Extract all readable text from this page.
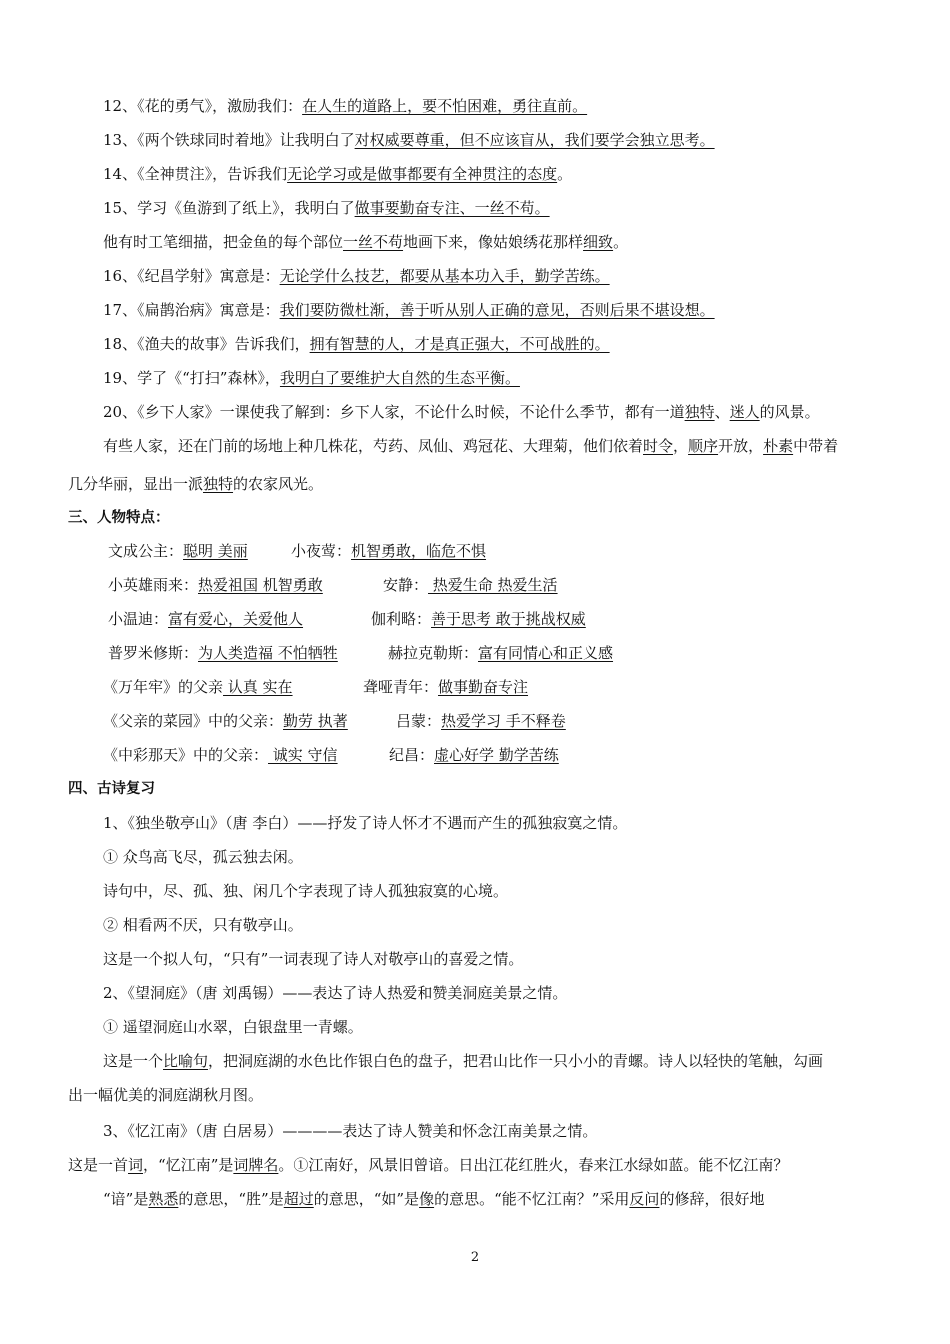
12、《花的勇气》，激励我们：在人生的道路上，要不怕困难，勇往直前。
13、《两个铁球同时着地》让我明白了对权威要尊重，但不应该盲从，我们要学会独立思考。
14、《全神贯注》，告诉我们无论学习或是做事都要有全神贯注的态度。
15、学习《鱼游到了纸上》，我明白了做事要勤奋专注、一丝不苟。
他有时工笔细描，把金鱼的每个部位一丝不苟地画下来，像姑娘绣花那样细致。
16、《纪昌学射》寓意是：无论学什么技艺，都要从基本功入手，勤学苦练。
17、《扁鹊治病》寓意是：我们要防微杜渐，善于听从别人正确的意见，否则后果不堪设想。
18、《渔夫的故事》告诉我们，拥有智慧的人，才是真正强大，不可战胜的。
19、学了《“打扫”森林》，我明白了要维护大自然的生态平衡。
20、《乡下人家》一课使我了解到：乡下人家，不论什么时候，不论什么季节，都有一道独特、迷人的风景。
有些人家，还在门前的场地上种几株花，芍药、凤仙、鸡冠花、大理菊，他们依着时令，顺序开放，朴素中带着
几分华丽，显出一派独特的农家风光。
三、人物特点：
文成公主：聪明 美丽	小夜莺：机智勇敢，临危不惧
小英雄雨来：热爱祖国 机智勇敢	安静： 热爱生命 热爱生活
小温迪：富有爱心，关爱他人	伽利略：善于思考 敢于挑战权威
普罗米修斯：为人类造福 不怕牺牲	赫拉克勒斯：富有同情心和正义感
《万年牢》的父亲 认真 实在	聋哑青年：做事勤奋专注
《父亲的菜园》中的父亲：勤劳 执著	吕蒙：热爱学习 手不释卷
《中彩那天》中的父亲： 诚实 守信	纪昌：虚心好学 勤学苦练
四、古诗复习
1、《独坐敬亭山》（唐 李白）——抒发了诗人怀才不遇而产生的孤独寂寞之情。
① 众鸟高飞尽，孤云独去闲。
诗句中，尽、孤、独、闲几个字表现了诗人孤独寂寞的心境。
② 相看两不厌，只有敬亭山。
这是一个拟人句，“只有”一词表现了诗人对敬亭山的喜爱之情。
2、《望洞庭》（唐 刘禹锡）——表达了诗人热爱和赞美洞庭美景之情。
① 遥望洞庭山水翠，白银盘里一青螺。
这是一个比喻句，把洞庭湖的水色比作银白色的盘子，把君山比作一只小小的青螺。诗人以轻快的笔触，勾画
出一幅优美的洞庭湖秋月图。
3、《忆江南》（唐 白居易）————表达了诗人赞美和怀念江南美景之情。
这是一首词，“忆江南”是词牌名。①江南好，风景旧曾谙。日出江花红胜火，春来江水绿如蓝。能不忆江南？
“谙”是熟悉的意思，“胜”是超过的意思，“如”是像的意思。“能不忆江南？”采用反问的修辞，很好地
2
